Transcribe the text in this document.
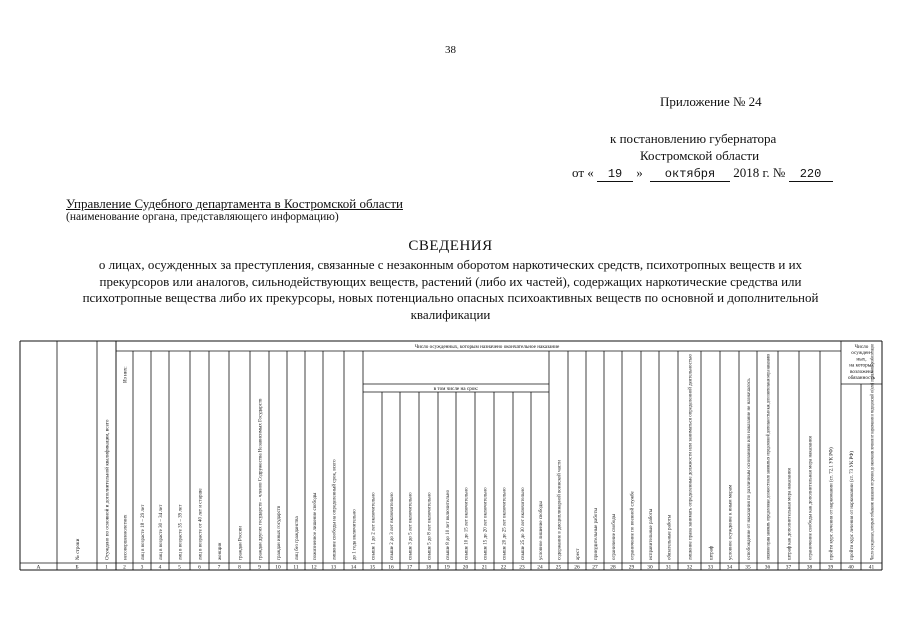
38
Приложение № 24
к постановлению губернатора
Костромской области
от « 19 » октября 2018 г. № 220
Управление Судебного департамента в Костромской области
(наименование органа, представляющего информацию)
СВЕДЕНИЯ
о лицах, осужденных за преступления, связанные с незаконным оборотом наркотических средств, психотропных веществ и их прекурсоров или аналогов, сильнодействующих веществ, растений (либо их частей), содержащих наркотические средства или психотропные вещества либо их прекурсоры, новых потенциально опасных психоактивных веществ по основной и дополнительной квалификации
Число осужденных, которым назначено окончательное наказание
в том числе на срок:
Число
осужден-
ных,
на которых
возложена
обязанность
№ строки	Осуждено по основной и дополнительной квалификации, всего
Из них:
несовершеннолетних	лиц в возрасте 18 – 29 лет	лиц в возрасте 30 – 34 лет	лиц в возрасте 35 – 39 лет	лиц в возрасте от 40 лет и старше	женщин	граждан России	граждан других государств – членов Содружества Независимых Государств	граждан иных государств	лиц без гражданства	пожизненное лишение свободы	лишение свободы на определенный срок, всего	до 1 года включительно	свыше 1 до 2 лет включительно	свыше 2 до 3 лет включительно	свыше 3 до 5 лет включительно	свыше 5 до 8 лет включительно	свыше 8 до 10 лет включительно	свыше 10 до 15 лет включительно	свыше 15 до 20 лет включительно	свыше 20 до 25 лет включительно	свыше 25 до 30 лет включительно	условное лишение свободы	содержание в дисциплинарной воинской части	арест	принудительные работы	ограничение свободы	ограничение по военной службе	исправительные работы	обязательные работы	лишение права занимать определенные должности или заниматься определенной деятельностью	штраф	условное осуждение к иным мерам	освобождение от наказания по различным основаниям или наказание не назначалось	лишение права занимать определенные должности или заниматься определенной деятельностью как дополнительная мера наказания	штраф как дополнительная мера наказания	ограничение свободы как дополнительная мера наказания	пройти курс лечения от наркомании (ст. 72.1 УК РФ)	пройти курс лечения от наркомании (ст. 73 УК РФ)	Число осужденных, которым отбывание наказания отсрочено до окончания лечения от наркомании и медицинской и (или) социальной реабилитации
А	Б	1	2	3	4	5	6	7	8	9	10 11 12	13	14	15 16 17	18 19 20	21	22 23 24 25 26 27 28 29 30 31	32	33	34 35	36	37	38	39	40	41
